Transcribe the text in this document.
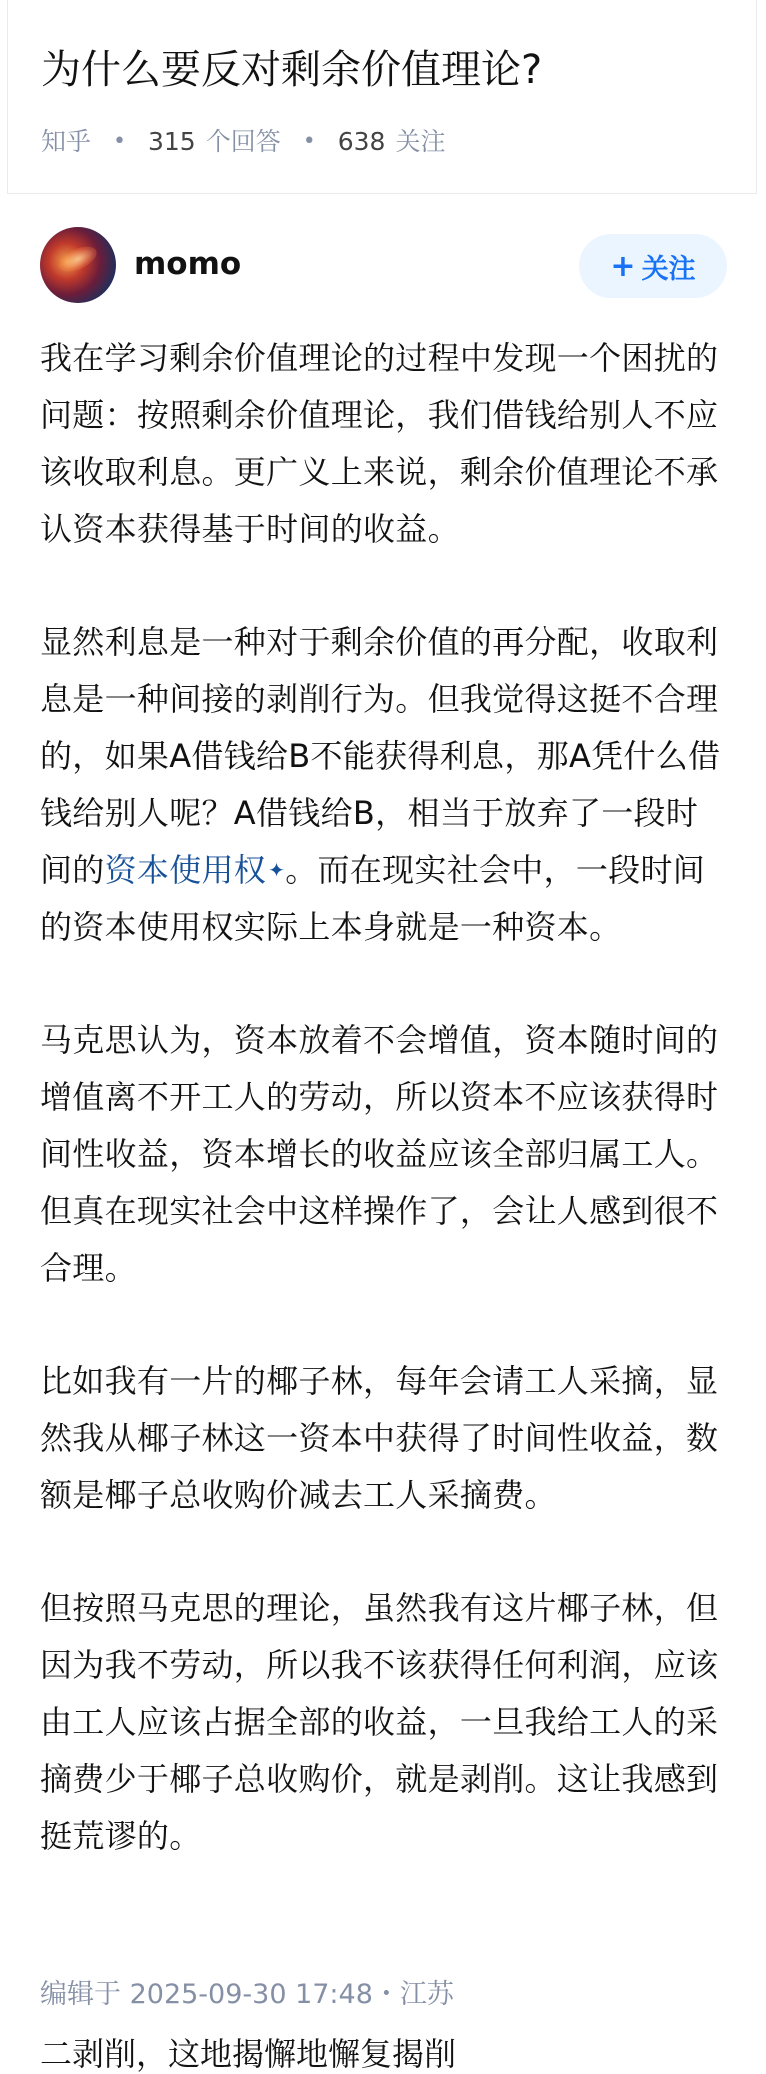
为什么要反对剩余价值理论?
知乎 • 315 个回答 • 638 关注
momo	+ 关注

我在学习剩余价值理论的过程中发现一个困扰的问题：按照剩余价值理论，我们借钱给别人不应该收取利息。更广义上来说，剩余价值理论不承认资本获得基于时间的收益。

显然利息是一种对于剩余价值的再分配，收取利息是一种间接的剥削行为。但我觉得这挺不合理的，如果A借钱给B不能获得利息，那A凭什么借钱给别人呢？A借钱给B，相当于放弃了一段时间的资本使用权 ✦。而在现实社会中，一段时间的资本使用权实际上本身就是一种资本。

马克思认为，资本放着不会增值，资本随时间的增值离不开工人的劳动，所以资本不应该获得时间性收益，资本增长的收益应该全部归属工人。但真在现实社会中这样操作了，会让人感到很不合理。

比如我有一片的椰子林，每年会请工人采摘，显然我从椰子林这一资本中获得了时间性收益，数额是椰子总收购价减去工人采摘费。

但按照马克思的理论，虽然我有这片椰子林，但因为我不劳动，所以我不该获得任何利润，应该由工人应该占据全部的收益，一旦我给工人的采摘费少于椰子总收购价，就是剥削。这让我感到挺荒谬的。

编辑于 2025-09-30 17:48・江苏
二剥削，这地揭懈地懈复揭削
